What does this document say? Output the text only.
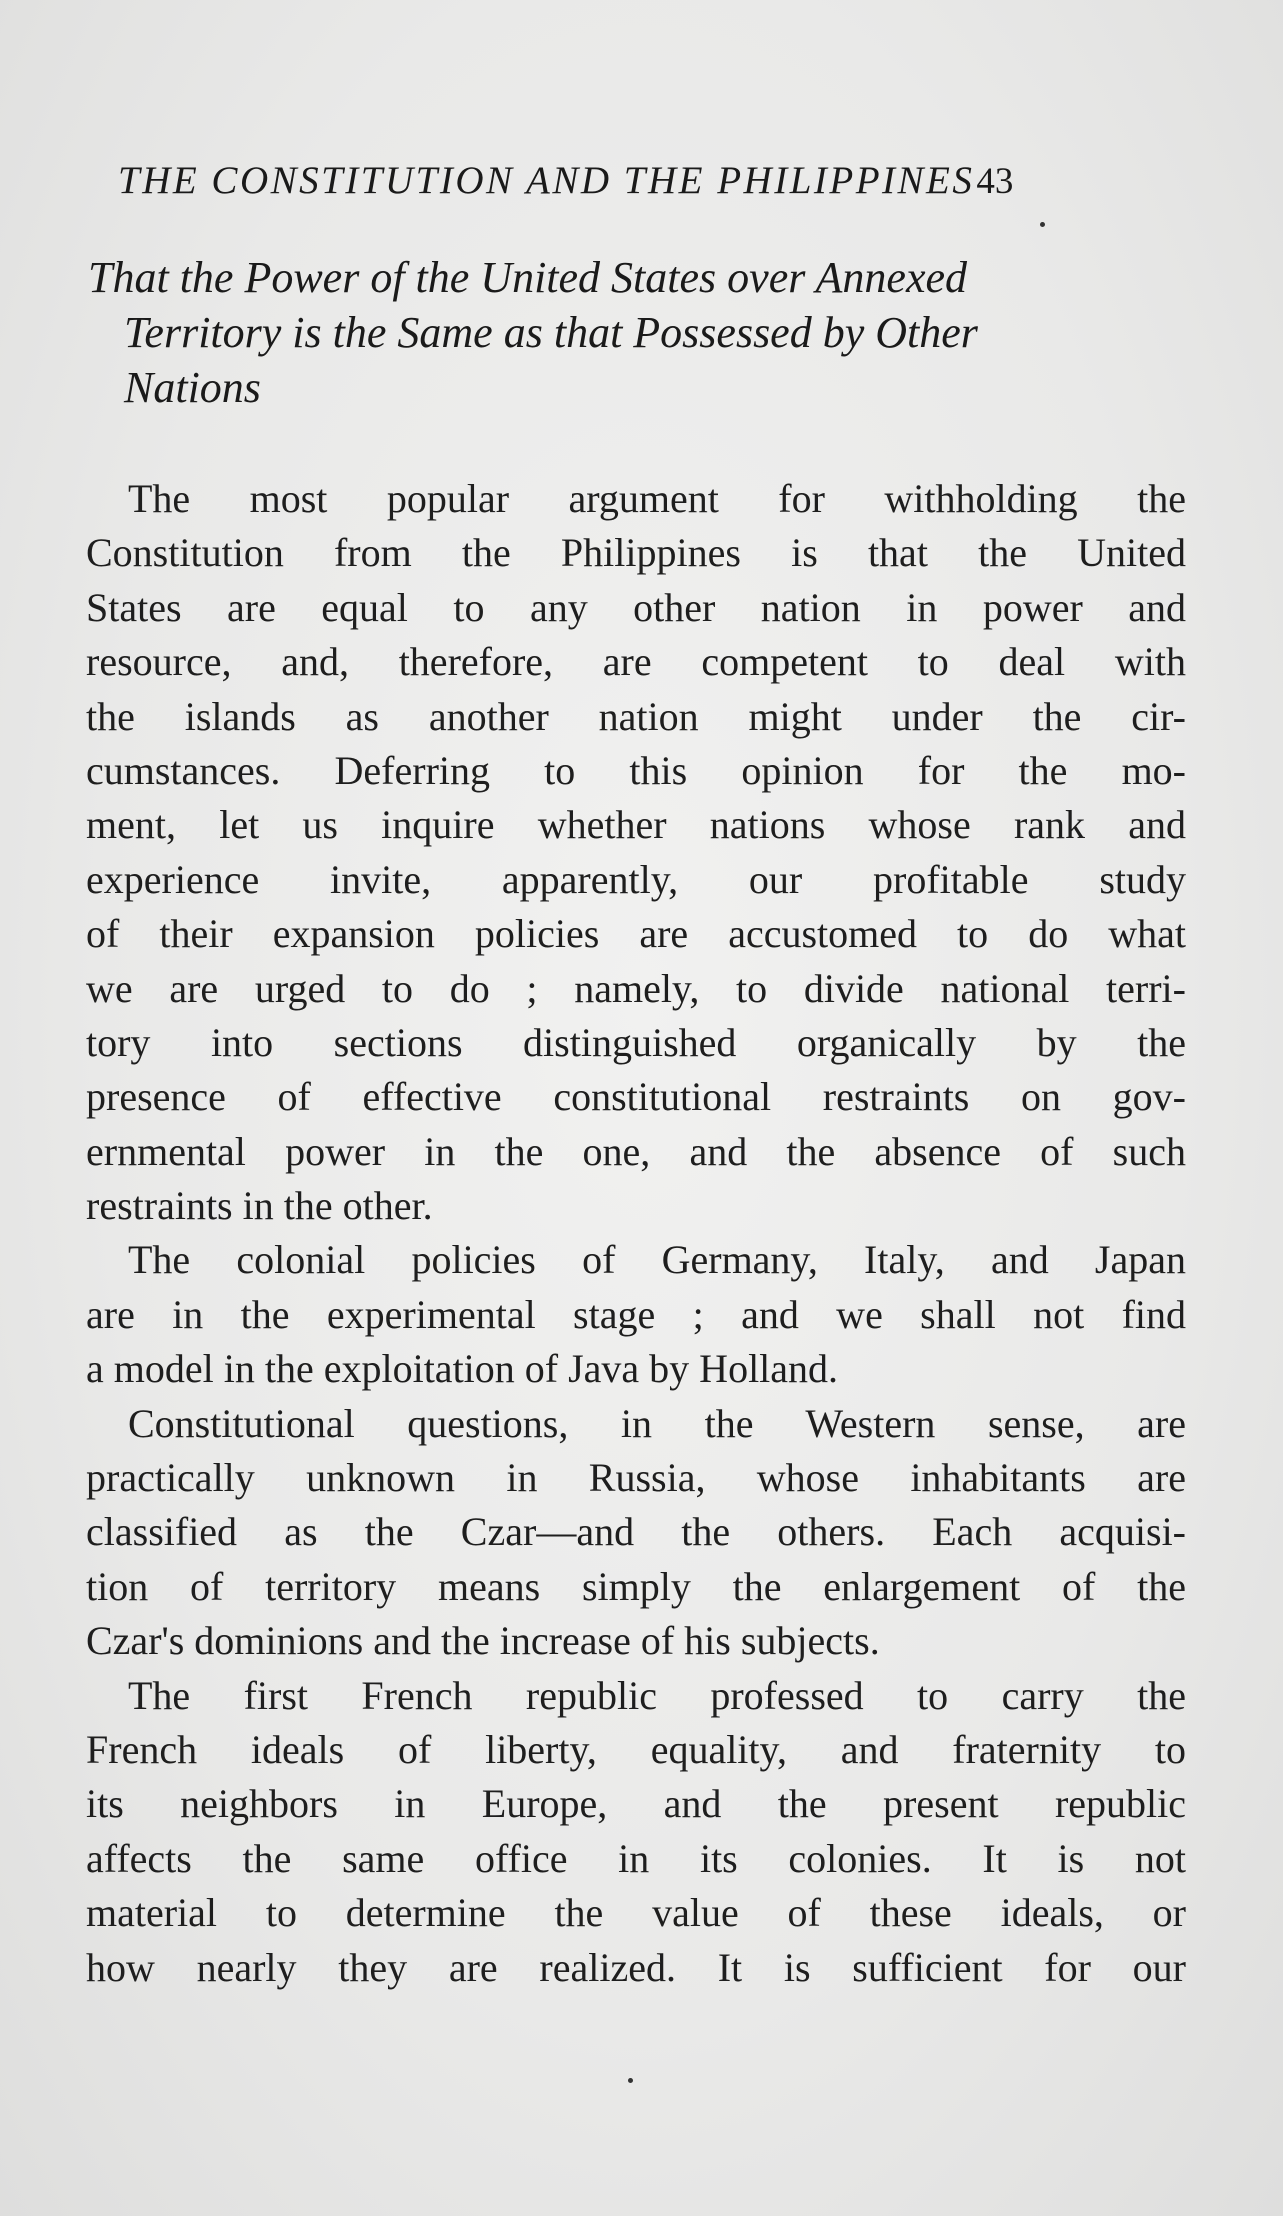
THE CONSTITUTION AND THE PHILIPPINES43
That the Power of the United States over Annexed
Territory is the Same as that Possessed by Other
Nations
The most popular argument for withholding the
Constitution from the Philippines is that the United
States are equal to any other nation in power and
resource, and, therefore, are competent to deal with
the islands as another nation might under the cir-
cumstances. Deferring to this opinion for the mo-
ment, let us inquire whether nations whose rank and
experience invite, apparently, our profitable study
of their expansion policies are accustomed to do what
we are urged to do ; namely, to divide national terri-
tory into sections distinguished organically by the
presence of effective constitutional restraints on gov-
ernmental power in the one, and the absence of such
restraints in the other.
The colonial policies of Germany, Italy, and Japan
are in the experimental stage ; and we shall not find
a model in the exploitation of Java by Holland.
Constitutional questions, in the Western sense, are
practically unknown in Russia, whose inhabitants are
classified as the Czar—and the others. Each acquisi-
tion of territory means simply the enlargement of the
Czar's dominions and the increase of his subjects.
The first French republic professed to carry the
French ideals of liberty, equality, and fraternity to
its neighbors in Europe, and the present republic
affects the same office in its colonies. It is not
material to determine the value of these ideals, or
how nearly they are realized. It is sufficient for our
